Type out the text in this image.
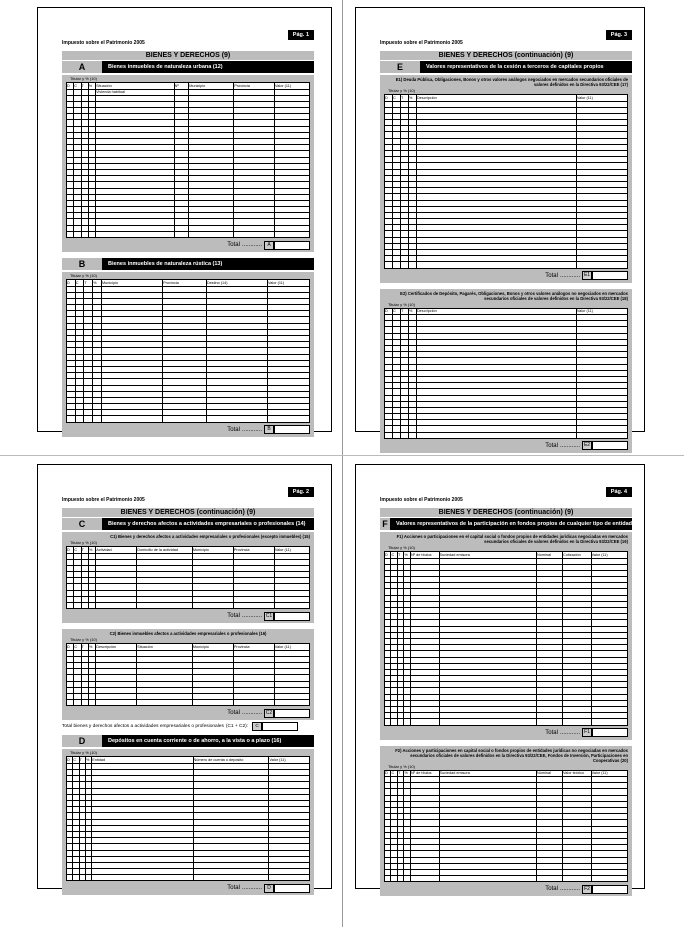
Pág. 1
Impuesto sobre el Patrimonio 2005
BIENES Y DERECHOS (9)
A	Bienes inmuebles de naturaleza urbana (12)
Titular y % (10)
D	C	T	%	Situación	Nº	Municipio	Provincia	Valor (11)
				Vivienda habitual				

Total ............	A
B	Bienes inmuebles de naturaleza rústica (13)
Titular y % (10)
D	C	T	%	Municipio	Provincia	Destino (14)	Valor (11)

Total ............	B
Pág. 3
Impuesto sobre el Patrimonio 2005
BIENES Y DERECHOS (continuación) (9)
E	Valores representativos de la cesión a terceros de capitales propios
E1) Deuda Pública, Obligaciones, Bonos y otros valores análogos negociados en mercados secundarios oficiales de valores definidos en la Directiva 93/22/CEE (17)
Titular y % (10)
D	C	T	%	Descripción	Valor (11)

Total ............ E1
E2) Certificados de Depósito, Pagarés, Obligaciones, Bonos y otros valores análogos no negociados en mercados secundarios oficiales de valores definidos en la Directiva 93/22/CEE (18)
Titular y % (10)
D	C	T	%	Descripción	Valor (11)

Total ............ E2
Pág. 2
Impuesto sobre el Patrimonio 2005
BIENES Y DERECHOS (continuación) (9)
C	Bienes y derechos afectos a actividades empresariales o profesionales (14)
C1) Bienes y derechos afectos a actividades empresariales o profesionales (excepto inmuebles) (15)
Titular y % (10)
D	C	T	%	Actividad	Domicilio de la actividad	Municipio	Provincia	Valor (11)

Total ............ C1
C2) Bienes inmuebles afectos a actividades empresariales o profesionales (16)
Titular y % (10)
D	C	T	%	Descripción	Situación	Municipio	Provincia	Valor (11)

Total ............ C2
Total bienes y derechos afectos a actividades empresariales o profesionales (C1 + C2):	C
D	Depósitos en cuenta corriente o de ahorro, a la vista o a plazo (16)
Titular y % (10)
D	C	T	%	Entidad	Número de cuenta o depósito	Valor (11)

Total ............	D
Pág. 4
Impuesto sobre el Patrimonio 2005
BIENES Y DERECHOS (continuación) (9)
F	Valores representativos de la participación en fondos propios de cualquier tipo de entidad
F1) Acciones o participaciones en el capital social o fondos propios de entidades jurídicas negociadas en mercados secundarios oficiales de valores definidos en la Directiva 93/22/CEE (19)
Titular y % (10)
D	C	T	%	Nº de títulos	Sociedad emisora	Nominal	Cotización	Valor (11)

Total ............ F1
F2) Acciones y participaciones en capital social o fondos propios de entidades jurídicas no negociadas en mercados secundarios oficiales de valores definidos en la Directiva 93/22/CEE, Fondos de Inversión, Participaciones en Cooperativas (20)
Titular y % (10)
D	C	T	%	Nº de títulos	Sociedad emisora	Nominal	Valor teórico	Valor (11)

Total ............ F2
